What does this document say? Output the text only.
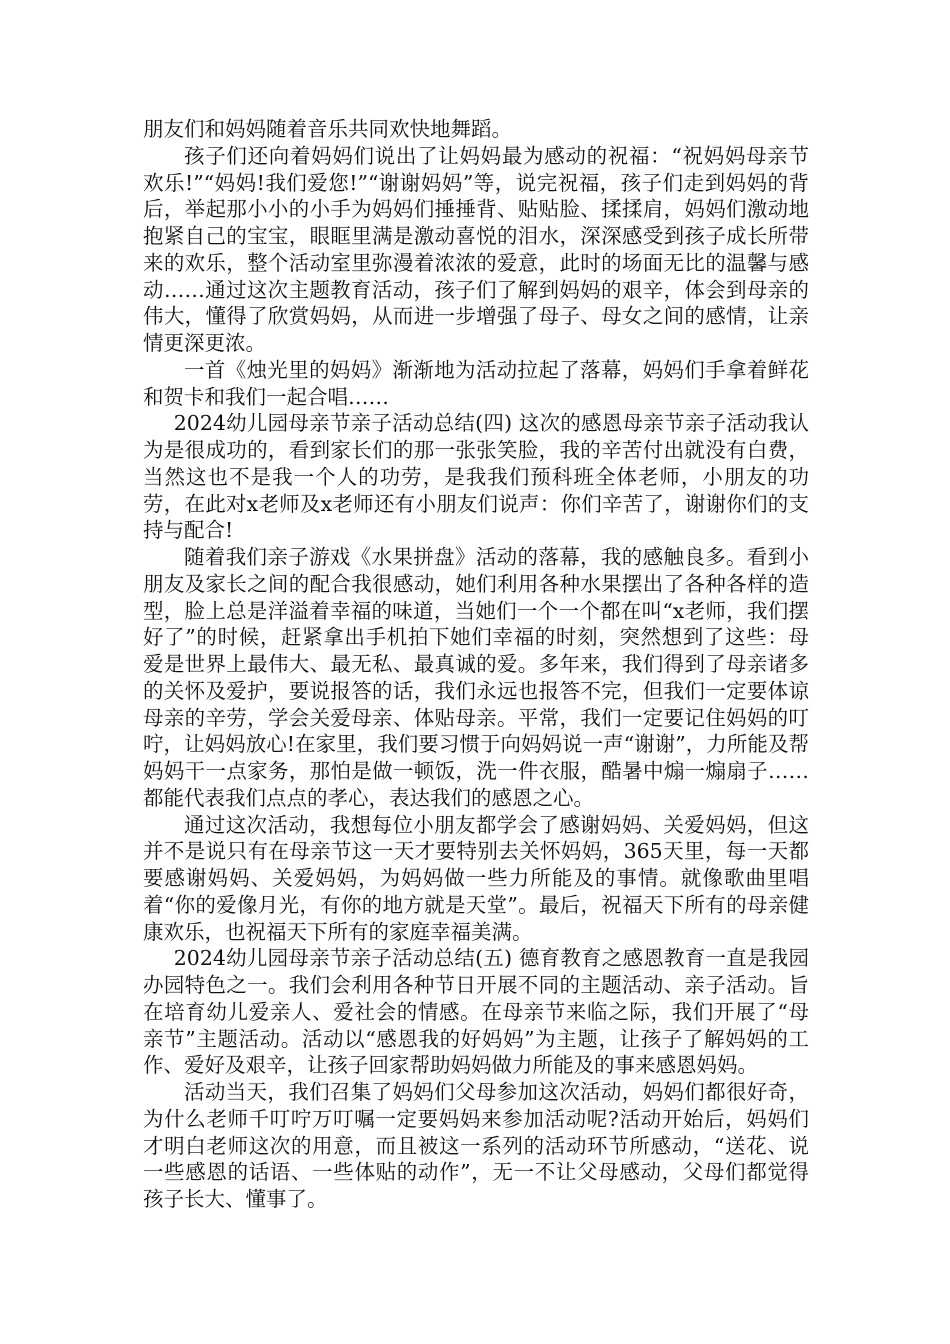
朋友们和妈妈随着音乐共同欢快地舞蹈。

孩子们还向着妈妈们说出了让妈妈最为感动的祝福：“祝妈妈母亲节欢乐!”“妈妈!我们爱您!”“谢谢妈妈”等，说完祝福，孩子们走到妈妈的背后，举起那小小的小手为妈妈们捶捶背、贴贴脸、揉揉肩，妈妈们激动地抱紧自己的宝宝，眼眶里满是激动喜悦的泪水，深深感受到孩子成长所带来的欢乐，整个活动室里弥漫着浓浓的爱意，此时的场面无比的温馨与感动……通过这次主题教育活动，孩子们了解到妈妈的艰辛，体会到母亲的伟大，懂得了欣赏妈妈，从而进一步增强了母子、母女之间的感情，让亲情更深更浓。

一首《烛光里的妈妈》渐渐地为活动拉起了落幕，妈妈们手拿着鲜花和贺卡和我们一起合唱……

2024幼儿园母亲节亲子活动总结(四) 这次的感恩母亲节亲子活动我认为是很成功的，看到家长们的那一张张笑脸，我的辛苦付出就没有白费，当然这也不是我一个人的功劳，是我我们预科班全体老师，小朋友的功劳，在此对x老师及x老师还有小朋友们说声：你们辛苦了，谢谢你们的支持与配合!

随着我们亲子游戏《水果拼盘》活动的落幕，我的感触良多。看到小朋友及家长之间的配合我很感动，她们利用各种水果摆出了各种各样的造型，脸上总是洋溢着幸福的味道，当她们一个一个都在叫“x老师，我们摆好了”的时候，赶紧拿出手机拍下她们幸福的时刻，突然想到了这些：母爱是世界上最伟大、最无私、最真诚的爱。多年来，我们得到了母亲诸多的关怀及爱护，要说报答的话，我们永远也报答不完，但我们一定要体谅母亲的辛劳，学会关爱母亲、体贴母亲。平常，我们一定要记住妈妈的叮咛，让妈妈放心!在家里，我们要习惯于向妈妈说一声“谢谢”，力所能及帮妈妈干一点家务，那怕是做一顿饭，洗一件衣服，酷暑中煽一煽扇子……都能代表我们点点的孝心，表达我们的感恩之心。

通过这次活动，我想每位小朋友都学会了感谢妈妈、关爱妈妈，但这并不是说只有在母亲节这一天才要特别去关怀妈妈，365天里，每一天都要感谢妈妈、关爱妈妈，为妈妈做一些力所能及的事情。就像歌曲里唱着“你的爱像月光，有你的地方就是天堂”。最后，祝福天下所有的母亲健康欢乐，也祝福天下所有的家庭幸福美满。

2024幼儿园母亲节亲子活动总结(五) 德育教育之感恩教育一直是我园办园特色之一。我们会利用各种节日开展不同的主题活动、亲子活动。旨在培育幼儿爱亲人、爱社会的情感。在母亲节来临之际，我们开展了“母亲节”主题活动。活动以“感恩我的好妈妈”为主题，让孩子了解妈妈的工作、爱好及艰辛，让孩子回家帮助妈妈做力所能及的事来感恩妈妈。

活动当天，我们召集了妈妈们父母参加这次活动，妈妈们都很好奇，为什么老师千叮咛万叮嘱一定要妈妈来参加活动呢?活动开始后，妈妈们才明白老师这次的用意，而且被这一系列的活动环节所感动，“送花、说一些感恩的话语、一些体贴的动作”，无一不让父母感动，父母们都觉得孩子长大、懂事了。
